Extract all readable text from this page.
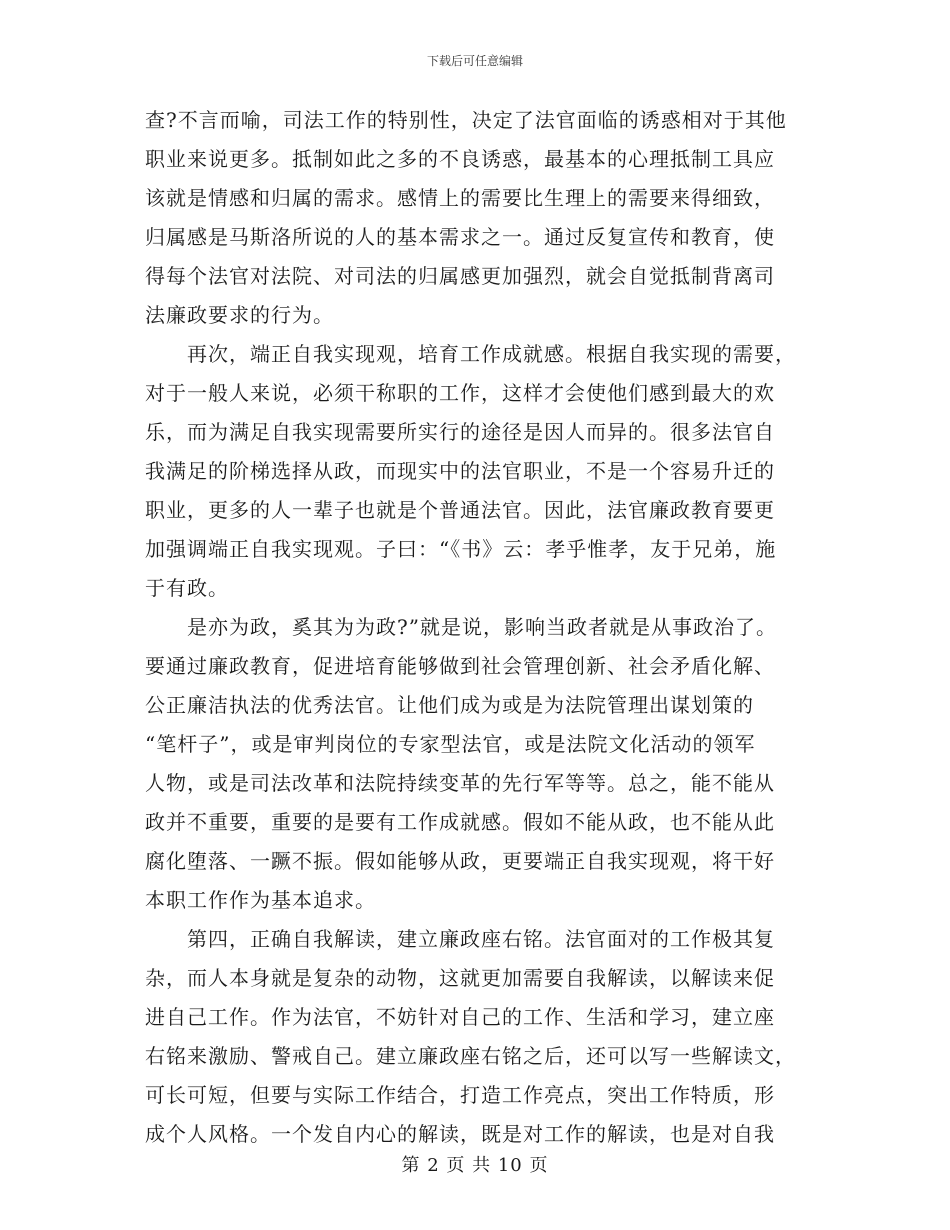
下载后可任意编辑
查?不言而喻，司法工作的特别性，决定了法官面临的诱惑相对于其他
职业来说更多。抵制如此之多的不良诱惑，最基本的心理抵制工具应
该就是情感和归属的需求。感情上的需要比生理上的需要来得细致，
归属感是马斯洛所说的人的基本需求之一。通过反复宣传和教育，使
得每个法官对法院、对司法的归属感更加强烈，就会自觉抵制背离司
法廉政要求的行为。
　　再次，端正自我实现观，培育工作成就感。根据自我实现的需要，
对于一般人来说，必须干称职的工作，这样才会使他们感到最大的欢
乐，而为满足自我实现需要所实行的途径是因人而异的。很多法官自
我满足的阶梯选择从政，而现实中的法官职业，不是一个容易升迁的
职业，更多的人一辈子也就是个普通法官。因此，法官廉政教育要更
加强调端正自我实现观。子曰：“《书》云：孝乎惟孝，友于兄弟，施
于有政。
　　是亦为政，奚其为为政?”就是说，影响当政者就是从事政治了。
要通过廉政教育，促进培育能够做到社会管理创新、社会矛盾化解、
公正廉洁执法的优秀法官。让他们成为或是为法院管理出谋划策的
“笔杆子”，或是审判岗位的专家型法官，或是法院文化活动的领军
人物，或是司法改革和法院持续变革的先行军等等。总之，能不能从
政并不重要，重要的是要有工作成就感。假如不能从政，也不能从此
腐化堕落、一蹶不振。假如能够从政，更要端正自我实现观，将干好
本职工作作为基本追求。
　　第四，正确自我解读，建立廉政座右铭。法官面对的工作极其复
杂，而人本身就是复杂的动物，这就更加需要自我解读，以解读来促
进自己工作。作为法官，不妨针对自己的工作、生活和学习，建立座
右铭来激励、警戒自己。建立廉政座右铭之后，还可以写一些解读文，
可长可短，但要与实际工作结合，打造工作亮点，突出工作特质，形
成个人风格。一个发自内心的解读，既是对工作的解读，也是对自我
第 2 页 共 10 页
